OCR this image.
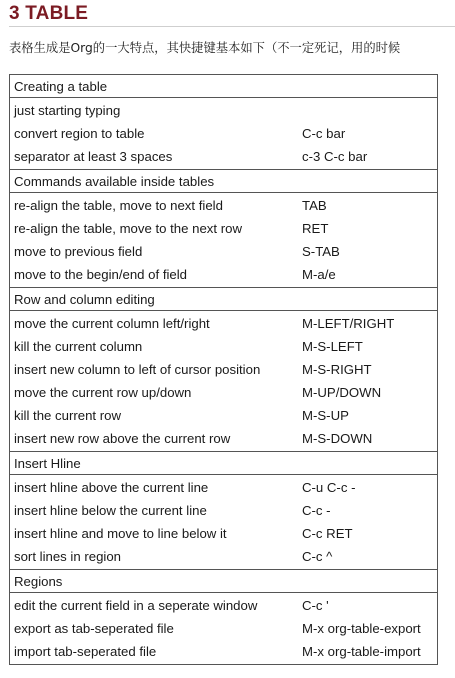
3 TABLE
表格生成是Org的一大特点，其快捷键基本如下（不一定死记，用的时候
Creating a table
just starting typing
convert region to table	C-c bar
separator at least 3 spaces	c-3 C-c bar
Commands available inside tables
re-align the table, move to next field	TAB
re-align the table, move to the next row	RET
move to previous field	S-TAB
move to the begin/end of field	M-a/e
Row and column editing
move the current column left/right	M-LEFT/RIGHT
kill the current column	M-S-LEFT
insert new column to left of cursor position	M-S-RIGHT
move the current row up/down	M-UP/DOWN
kill the current row	M-S-UP
insert new row above the current row	M-S-DOWN
Insert Hline
insert hline above the current line	C-u C-c -
insert hline below the current line	C-c -
insert hline and move to line below it	C-c RET
sort lines in region	C-c ^
Regions
edit the current field in a seperate window	C-c '
export as tab-seperated file	M-x org-table-export
import tab-seperated file	M-x org-table-import
